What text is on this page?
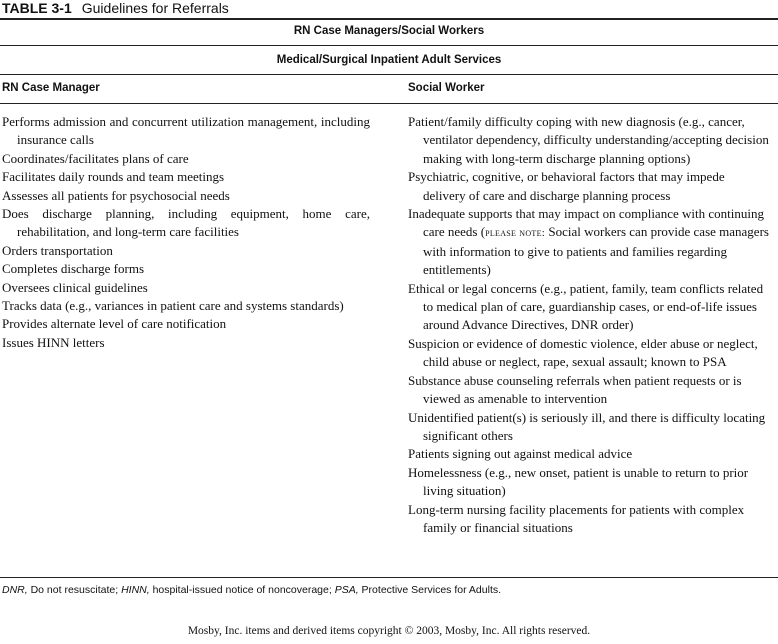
TABLE 3-1 Guidelines for Referrals
RN Case Managers/Social Workers
Medical/Surgical Inpatient Adult Services
RN Case Manager	Social Worker
Performs admission and concurrent utilization management, including insurance calls
Coordinates/facilitates plans of care
Facilitates daily rounds and team meetings
Assesses all patients for psychosocial needs
Does discharge planning, including equipment, home care, rehabilitation, and long-term care facilities
Orders transportation
Completes discharge forms
Oversees clinical guidelines
Tracks data (e.g., variances in patient care and systems standards)
Provides alternate level of care notification
Issues HINN letters
Patient/family difficulty coping with new diagnosis (e.g., cancer, ventilator dependency, difficulty understanding/accepting decision making with long-term discharge planning options)
Psychiatric, cognitive, or behavioral factors that may impede delivery of care and discharge planning process
Inadequate supports that may impact on compliance with continuing care needs (please note: Social workers can provide case managers with information to give to patients and families regarding entitlements)
Ethical or legal concerns (e.g., patient, family, team conflicts related to medical plan of care, guardianship cases, or end-of-life issues around Advance Directives, DNR order)
Suspicion or evidence of domestic violence, elder abuse or neglect, child abuse or neglect, rape, sexual assault; known to PSA
Substance abuse counseling referrals when patient requests or is viewed as amenable to intervention
Unidentified patient(s) is seriously ill, and there is difficulty locating significant others
Patients signing out against medical advice
Homelessness (e.g., new onset, patient is unable to return to prior living situation)
Long-term nursing facility placements for patients with complex family or financial situations
DNR, Do not resuscitate; HINN, hospital-issued notice of noncoverage; PSA, Protective Services for Adults.
Mosby, Inc. items and derived items copyright © 2003, Mosby, Inc. All rights reserved.
